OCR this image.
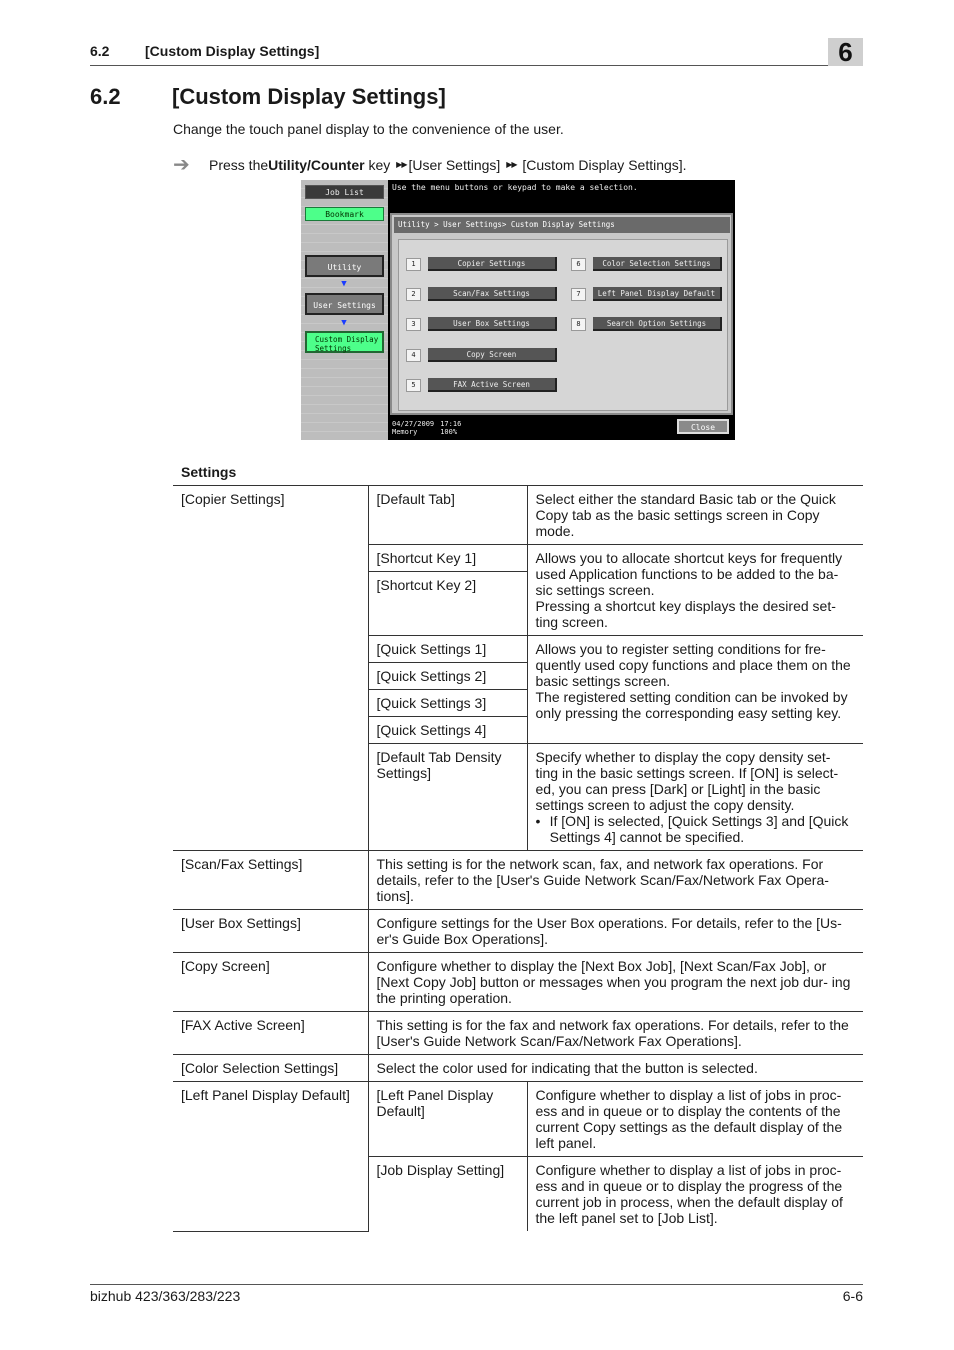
6.2	[Custom Display Settings]	6
6.2 [Custom Display Settings]
Change the touch panel display to the convenience of the user.
➔	Press the Utility/Counter key ▶▶ [User Settings] ▶▶ [Custom Display Settings].
Job List
Bookmark
Utility
▼
User Settings
▼
Custom Display
Settings
Use the menu buttons or keypad to make a selection.
Utility > User Settings> Custom Display Settings
1	Copier Settings
2	Scan/Fax Settings
3	User Box Settings
4	Copy Screen
5	FAX Active Screen
6	Color Selection Settings
7	Left Panel Display Default
8	Search Option Settings
04/27/2009 17:16
Memory	100%	Close
Settings
[Copier Settings]	[Default Tab]	Select either the standard Basic tab or the Quick Copy tab as the basic settings screen in Copy mode.
	[Shortcut Key 1]	Allows you to allocate shortcut keys for frequently used Application functions to be added to the ba- sic settings screen.
Pressing a shortcut key displays the desired set- ting screen.

	[Shortcut Key 2]	
	[Quick Settings 1]	Allows you to register setting conditions for fre- quently used copy functions and place them on the basic settings screen.
The registered setting condition can be invoked by only pressing the corresponding easy setting key.

	[Quick Settings 2]	
	[Quick Settings 3]	
	[Quick Settings 4]	
	[Default Tab Density Settings]	Specify whether to display the copy density set- ting in the basic settings screen. If [ON] is select- ed, you can press [Dark] or [Light] in the basic settings screen to adjust the copy density.
• If [ON] is selected, [Quick Settings 3] and [Quick Settings 4] cannot be specified.

[Scan/Fax Settings]	This setting is for the network scan, fax, and network fax operations. For details, refer to the [User's Guide Network Scan/Fax/Network Fax Opera- tions].	
[User Box Settings]	Configure settings for the User Box operations. For details, refer to the [Us- er's Guide Box Operations].	
[Copy Screen]	Configure whether to display the [Next Box Job], [Next Scan/Fax Job], or [Next Copy Job] button or messages when you program the next job dur- ing the printing operation.	
[FAX Active Screen]	This setting is for the fax and network fax operations. For details, refer to the [User's Guide Network Scan/Fax/Network Fax Operations].	
[Color Selection Settings]	Select the color used for indicating that the button is selected.	
[Left Panel Display Default]	[Left Panel Display Default]	Configure whether to display a list of jobs in proc- ess and in queue or to display the contents of the current Copy settings as the default display of the left panel.
	[Job Display Setting]	Configure whether to display a list of jobs in proc- ess and in queue or to display the progress of the current job in process, when the default display of the left panel set to [Job List].
bizhub 423/363/283/223	6-6
